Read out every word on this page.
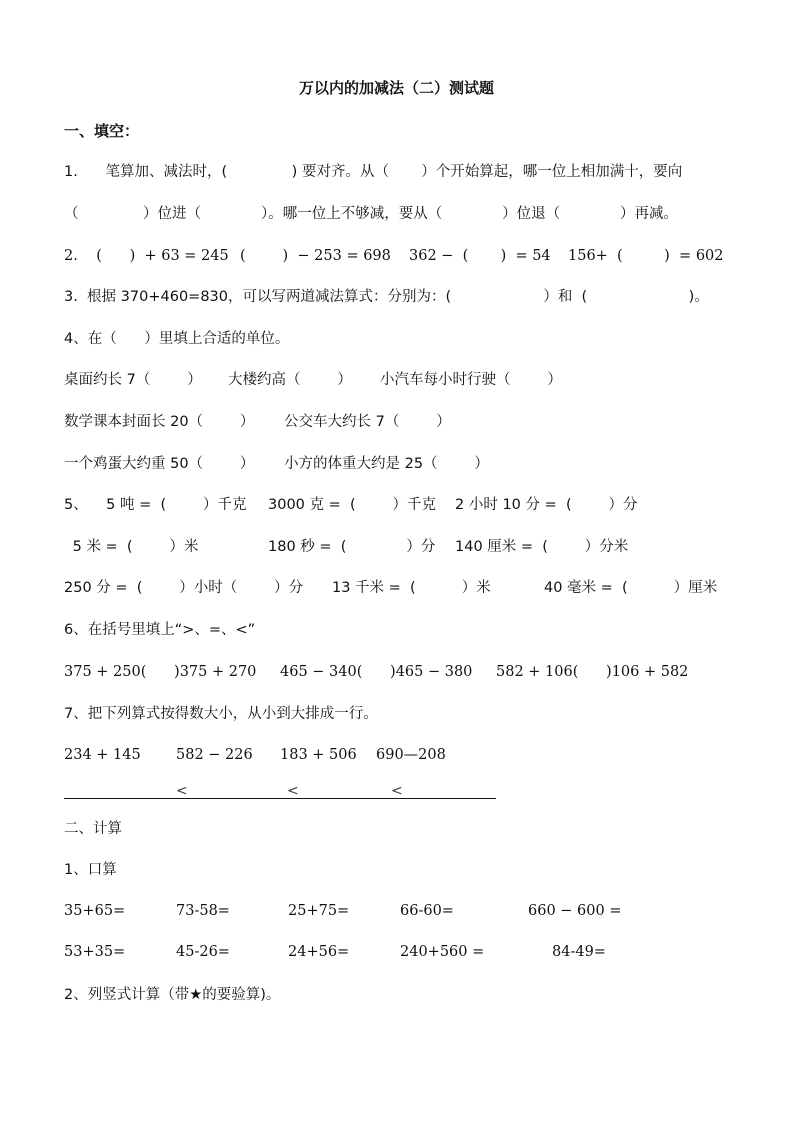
万以内的加减法（二）测试题
一、填空：
1.      笔算加、减法时，(              ) 要对齐。从（       ）个开始算起，哪一位上相加满十，要向
（              ）位进（             ）。哪一位上不够减，要从（             ）位退（             ）再减。
2.    (      )  + 63 = 245 (        )  − 253 = 698 362 −  (       )  = 54 156+  (         )  = 602
3.  根据 370+460=830，可以写两道减法算式：分别为：(                    ）和  (                      )。
4、在（      ）里填上合适的单位。
桌面约长 7（        ） 大楼约高（        ） 小汽车每小时行驶（        ）
数学课本封面长 20（        ） 公交车大约长 7（        ）
一个鸡蛋大约重 50（        ） 小方的体重大约是 25（        ）
5、    5 吨 =  (        ）千克 3000 克 =  (        ）千克 2 小时 10 分 =  (        ）分
5 米 =  (        ）米	180 秒 =  (             ）分 140 厘米 =  (        ）分米
250 分 =  (        ）小时（        ）分 13 千米 =  (          ）米	40 毫米 =  (          ）厘米
6、在括号里填上“>、=、<”
375 + 250(      )375 + 270 465 − 340(      )465 − 380 582 + 106(      )106 + 582
7、把下列算式按得数大小，从小到大排成一行。
234 + 145 582 − 226 183 + 506 690—208
<	<	<
二、计算
1、口算
35+65=	73-58=	25+75=	66-60=	660 − 600 =
53+35=	45-26=	24+56=	240+560 =	84-49=
2、列竖式计算（带★的要验算)。
